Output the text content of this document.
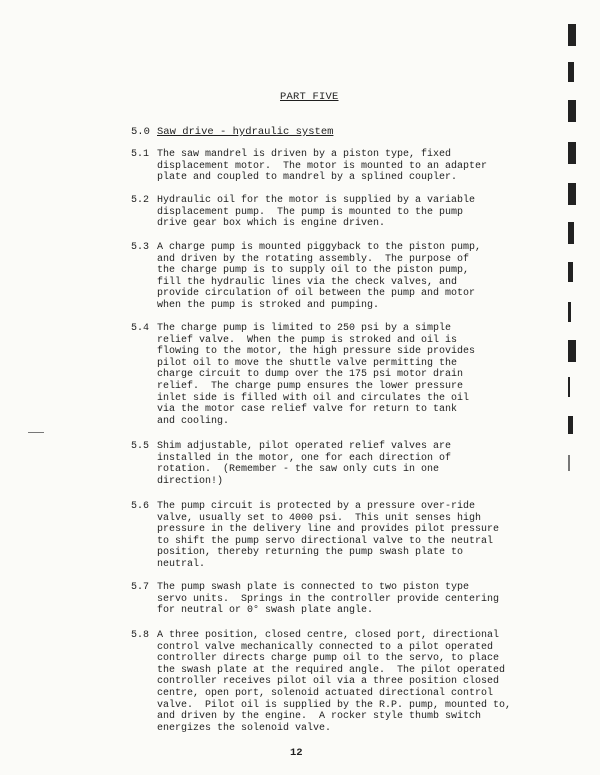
PART FIVE
5.0 Saw drive - hydraulic system
5.1 The saw mandrel is driven by a piston type, fixed
displacement motor.  The motor is mounted to an adapter
plate and coupled to mandrel by a splined coupler.
5.2 Hydraulic oil for the motor is supplied by a variable
displacement pump.  The pump is mounted to the pump
drive gear box which is engine driven.
5.3 A charge pump is mounted piggyback to the piston pump,
and driven by the rotating assembly.  The purpose of
the charge pump is to supply oil to the piston pump,
fill the hydraulic lines via the check valves, and
provide circulation of oil between the pump and motor
when the pump is stroked and pumping.
5.4 The charge pump is limited to 250 psi by a simple
relief valve.  When the pump is stroked and oil is
flowing to the motor, the high pressure side provides
pilot oil to move the shuttle valve permitting the
charge circuit to dump over the 175 psi motor drain
relief.  The charge pump ensures the lower pressure
inlet side is filled with oil and circulates the oil
via the motor case relief valve for return to tank
and cooling.
5.5 Shim adjustable, pilot operated relief valves are
installed in the motor, one for each direction of
rotation.  (Remember - the saw only cuts in one
direction!)
5.6 The pump circuit is protected by a pressure over-ride
valve, usually set to 4000 psi.  This unit senses high
pressure in the delivery line and provides pilot pressure
to shift the pump servo directional valve to the neutral
position, thereby returning the pump swash plate to
neutral.
5.7 The pump swash plate is connected to two piston type
servo units.  Springs in the controller provide centering
for neutral or 0° swash plate angle.
5.8 A three position, closed centre, closed port, directional
control valve mechanically connected to a pilot operated
controller directs charge pump oil to the servo, to place
the swash plate at the required angle.  The pilot operated
controller receives pilot oil via a three position closed
centre, open port, solenoid actuated directional control
valve.  Pilot oil is supplied by the R.P. pump, mounted to,
and driven by the engine.  A rocker style thumb switch
energizes the solenoid valve.
12
